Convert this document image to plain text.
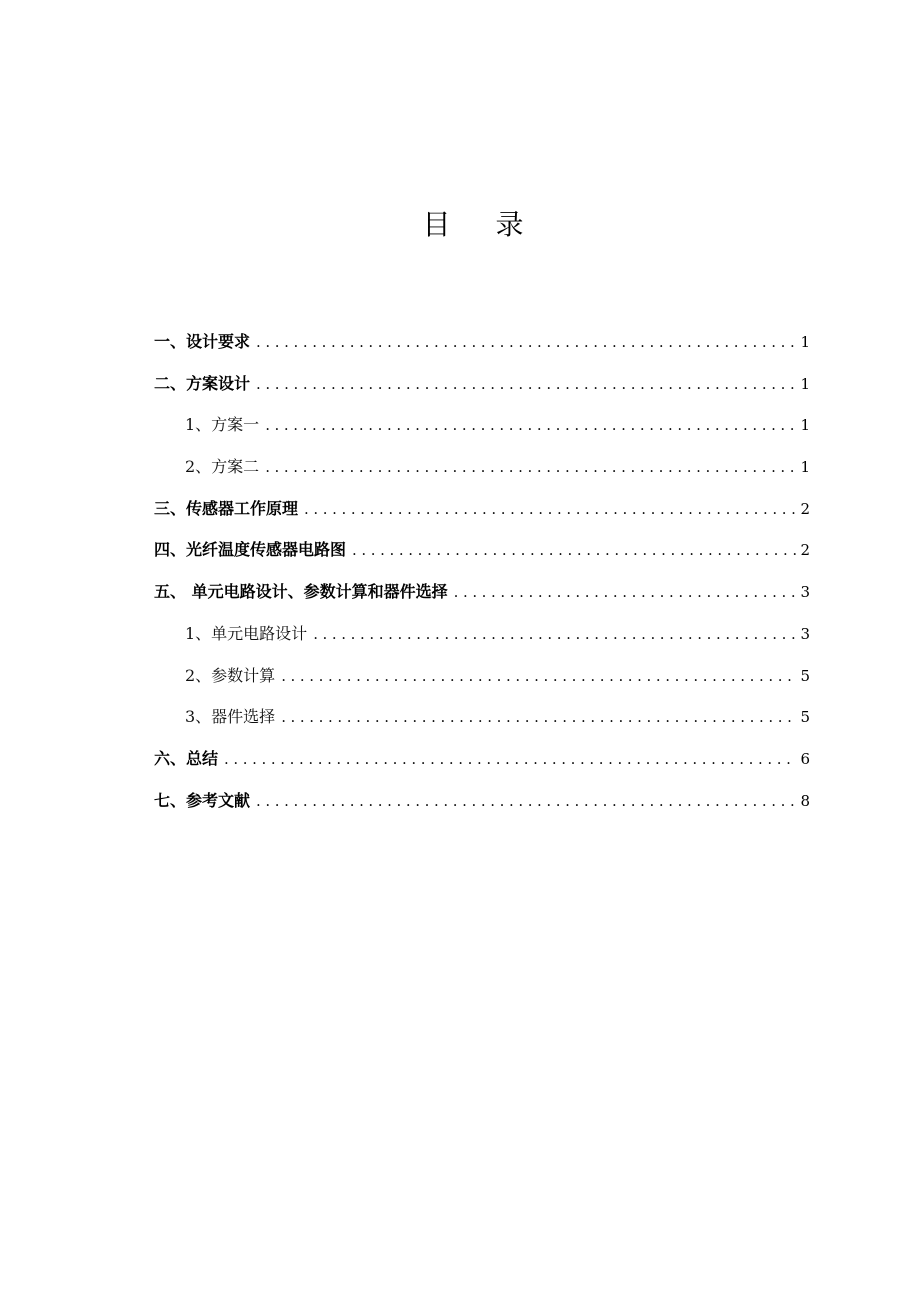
目 录
一、设计要求 .....	1
二、方案设计 .....	1
1、方案一 .....	1
2、方案二 .....	1
三、传感器工作原理 .....	2
四、光纤温度传感器电路图 .....	2
五、 单元电路设计、参数计算和器件选择 .....	3
1、单元电路设计 .....	3
2、参数计算 .....	5
3、器件选择 .....	5
六、总结 .....	6
七、参考文献 .....	8
